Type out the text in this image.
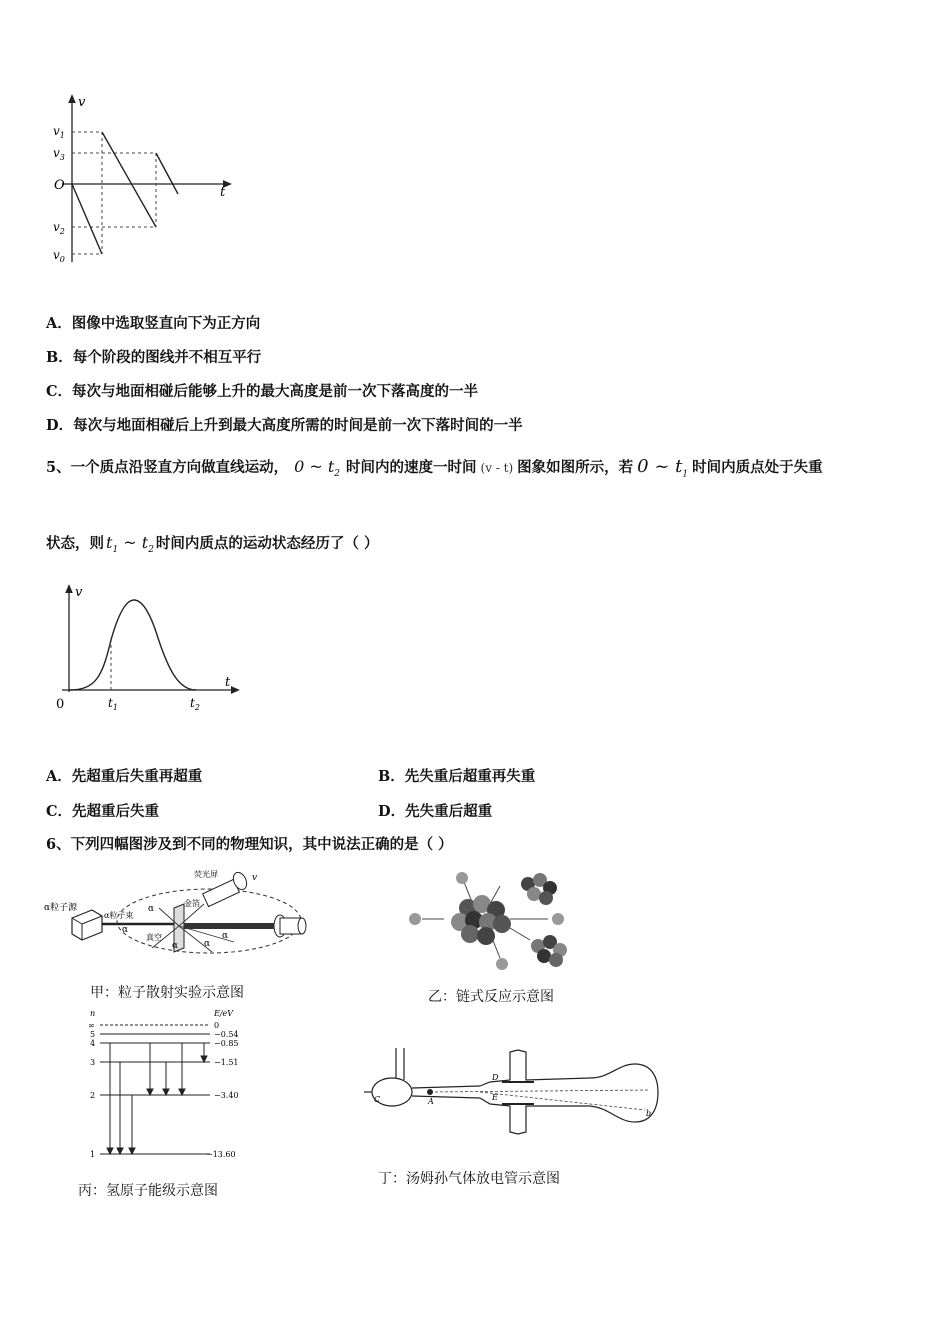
v
t
O
$v_1$
$v_3$
$v_2$
$v_0$
A．图像中选取竖直向下为正方向
B．每个阶段的图线并不相互平行
C．每次与地面相碰后能够上升的最大高度是前一次下落高度的一半
D．每次与地面相碰后上升到最大高度所需的时间是前一次下落时间的一半
5、一个质点沿竖直方向做直线运动， 0 ~ $t_2$ 时间内的速度一时间 (v - t) 图象如图所示，若 0 ~ $t_1$ 时间内质点处于失重
状态，则 $t_1$ ~ $t_2$ 时间内质点的运动状态经历了（ ）
v
t
0	$t_1$	$t_2$
A．先超重后失重再超重	B．先失重后超重再失重
C．先超重后失重	D．先失重后超重
6、下列四幅图涉及到不同的物理知识，其中说法正确的是（ ）
α粒子源
α粒子束
金箔
荧光屏
真空
v
α
α
α	α
α
甲：粒子散射实验示意图	乙：链式反应示意图
n	E/eV
∞	0
5	−0.54
4	−0.85
3	−1.51
2	−3.40
1	−13.60
丙：氢原子能级示意图
C	A
D
E
b
丁：汤姆孙气体放电管示意图
